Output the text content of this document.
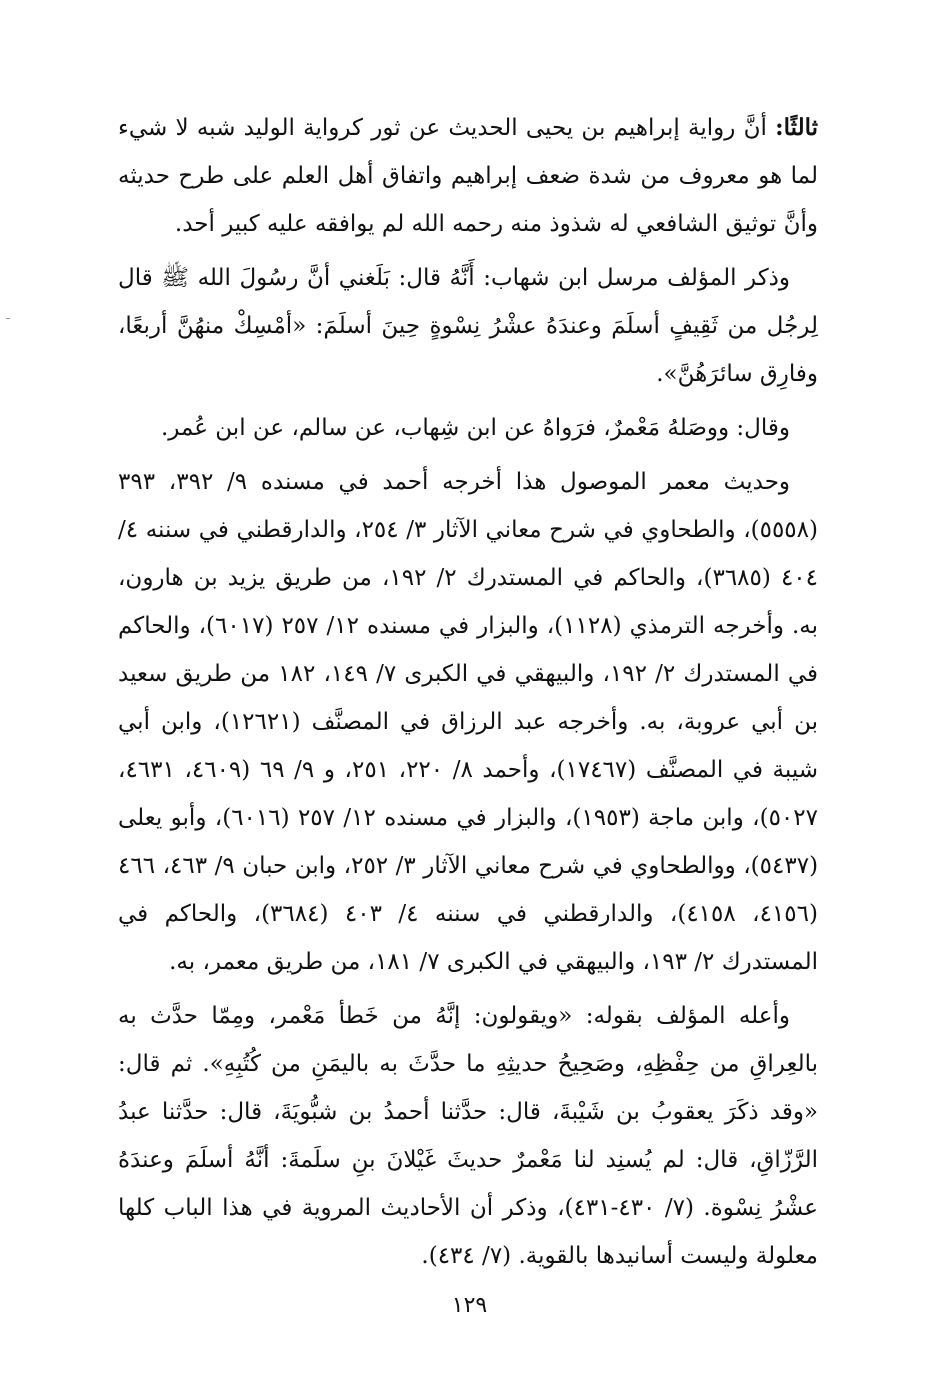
ثالثًا: أنَّ رواية إبراهيم بن يحيى الحديث عن ثور كرواية الوليد شبه لا شيء لما هو معروف من شدة ضعف إبراهيم واتفاق أهل العلم على طرح حديثه وأنَّ توثيق الشافعي له شذوذ منه رحمه الله لم يوافقه عليه كبير أحد.

وذكر المؤلف مرسل ابن شهاب: أَنَّهُ قال: بَلَغني أنَّ رسُولَ الله ﷺ قال لِرجُل من ثَقِيفٍ أسلَمَ وعندَهُ عشْرُ نِسْوةٍ حِينَ أسلَمَ: «أمْسِكْ منهُنَّ أربعًا، وفارِق سائرَهُنَّ».

وقال: ووصَلهُ مَعْمرٌ، فرَواهُ عن ابن شِهاب، عن سالم، عن ابن عُمر.

وحديث معمر الموصول هذا أخرجه أحمد في مسنده ٩/ ٣٩٢، ٣٩٣ (٥٥٥٨)، والطحاوي في شرح معاني الآثار ٣/ ٢٥٤، والدارقطني في سننه ٤/ ٤٠٤ (٣٦٨٥)، والحاكم في المستدرك ٢/ ١٩٢، من طريق يزيد بن هارون، به. وأخرجه الترمذي (١١٢٨)، والبزار في مسنده ١٢/ ٢٥٧ (٦٠١٧)، والحاكم في المستدرك ٢/ ١٩٢، والبيهقي في الكبرى ٧/ ١٤٩، ١٨٢ من طريق سعيد بن أبي عروبة، به. وأخرجه عبد الرزاق في المصنَّف (١٢٦٢١)، وابن أبي شيبة في المصنَّف (١٧٤٦٧)، وأحمد ٨/ ٢٢٠، ٢٥١، و ٩/ ٦٩ (٤٦٠٩، ٤٦٣١، ٥٠٢٧)، وابن ماجة (١٩٥٣)، والبزار في مسنده ١٢/ ٢٥٧ (٦٠١٦)، وأبو يعلى (٥٤٣٧)، ووالطحاوي في شرح معاني الآثار ٣/ ٢٥٢، وابن حبان ٩/ ٤٦٣، ٤٦٦ (٤١٥٦، ٤١٥٨)، والدارقطني في سننه ٤/ ٤٠٣ (٣٦٨٤)، والحاكم في المستدرك ٢/ ١٩٣، والبيهقي في الكبرى ٧/ ١٨١، من طريق معمر، به.

وأعله المؤلف بقوله: «ويقولون: إنَّهُ من خَطأ مَعْمر، ومِمّا حدَّث به بالعِراقِ من حِفْظِهِ، وصَحِيحُ حديثِهِ ما حدَّثَ به باليمَنِ من كُتُبِهِ». ثم قال: «وقد ذكَرَ يعقوبُ بن شَيْبةَ، قال: حدَّثنا أحمدُ بن شبُّويَةَ، قال: حدَّثنا عبدُ الرَّزّاقِ، قال: لم يُسنِد لنا مَعْمرٌ حديثَ غَيْلانَ بنِ سلَمةَ: أنَّهُ أسلَمَ وعندَهُ عشْرُ نِسْوة. (٧/ ٤٣٠-٤٣١)، وذكر أن الأحاديث المروية في هذا الباب كلها معلولة وليست أسانيدها بالقوية. (٧/ ٤٣٤).

١٢٩
